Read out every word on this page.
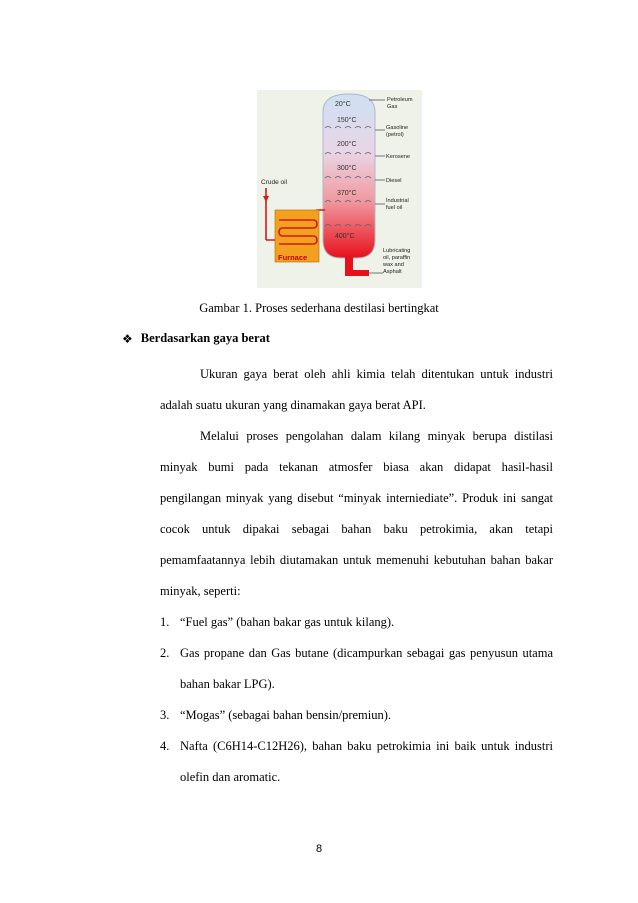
20°C
150°C
200°C
300°C
370°C
400°C
Petroleum
Gas
Gasoline
(petrol)
Kerosene
Diesel
Industrial
fuel oil
Lubricating
oil, paraffin
wax and
Asphalt
Crude oil
Furnace
Gambar 1. Proses sederhana destilasi bertingkat
❖ Berdasarkan gaya berat
Ukuran gaya berat oleh ahli kimia telah ditentukan untuk industri
adalah suatu ukuran yang dinamakan gaya berat API.
Melalui proses pengolahan dalam kilang minyak berupa distilasi
minyak bumi pada tekanan atmosfer biasa akan didapat hasil-hasil
pengilangan minyak yang disebut “minyak interniediate”. Produk ini sangat
cocok untuk dipakai sebagai bahan baku petrokimia, akan tetapi
pemamfaatannya lebih diutamakan untuk memenuhi kebutuhan bahan bakar
minyak, seperti:
1. “Fuel gas” (bahan bakar gas untuk kilang).
2. Gas propane dan Gas butane (dicampurkan sebagai gas penyusun utama
bahan bakar LPG).
3. “Mogas” (sebagai bahan bensin/premiun).
4. Nafta (C6H14-C12H26), bahan baku petrokimia ini baik untuk industri
olefin dan aromatic.
8
